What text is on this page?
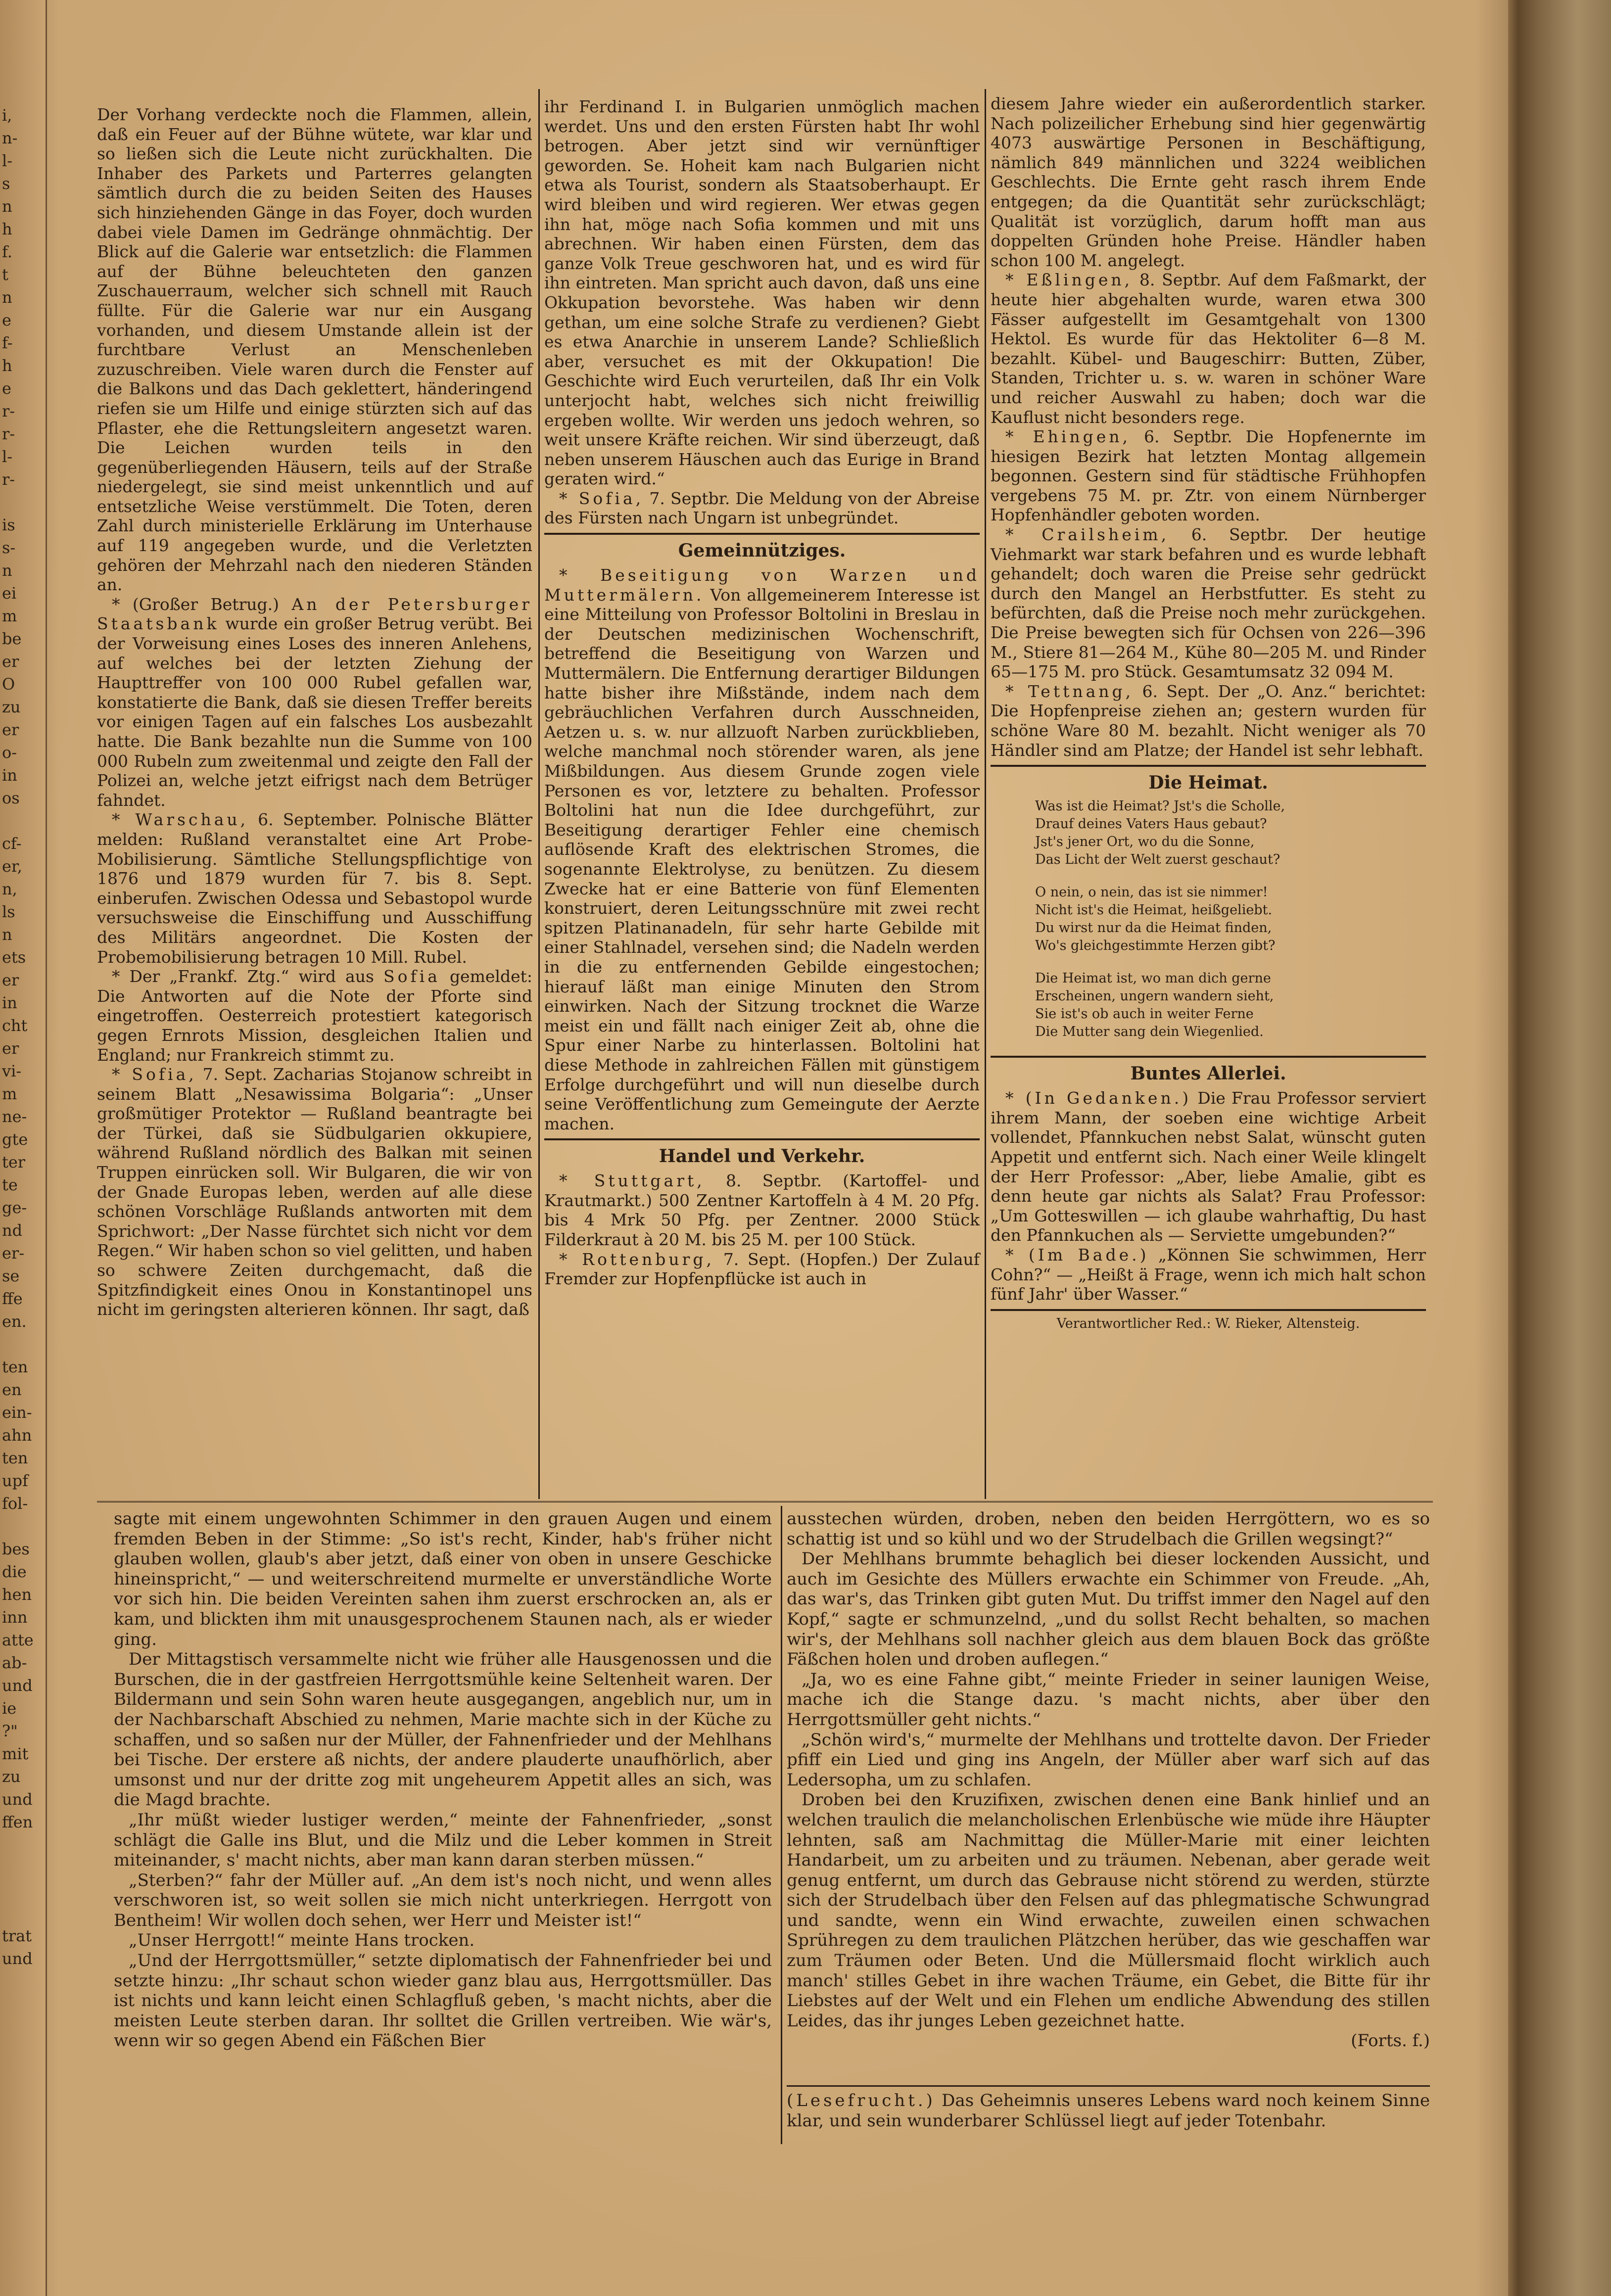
i,
n-
l-
s
n
h
f.
t
n
e
f-
h
e
r-
r-
l-
r-

is
s-
n
ei
m
be
er
O
zu
er
o-
in
os

cf-
er,
n,
ls
n
ets
er
in
cht
er
vi-
m
ne-
gte
ter
te
ge-
nd
er-
se
ffe
en.

ten
en
ein-
ahn
ten
upf
fol-

bes
die
hen
inn
atte
ab-
und
ie
?"
mit
zu
und
ffen

trat
und

Der Vorhang verdeckte noch die Flammen, allein, daß ein Feuer auf der Bühne wütete, war klar und so ließen sich die Leute nicht zurückhalten. Die Inhaber des Parkets und Parterres gelangten sämtlich durch die zu beiden Seiten des Hauses sich hinziehenden Gänge in das Foyer, doch wurden dabei viele Damen im Gedränge ohnmächtig. Der Blick auf die Galerie war entsetzlich: die Flammen auf der Bühne beleuchteten den ganzen Zuschauerraum, welcher sich schnell mit Rauch füllte. Für die Galerie war nur ein Ausgang vorhanden, und diesem Umstande allein ist der furchtbare Verlust an Menschenleben zuzuschreiben. Viele waren durch die Fenster auf die Balkons und das Dach geklettert, händeringend riefen sie um Hilfe und einige stürzten sich auf das Pflaster, ehe die Rettungsleitern angesetzt waren. Die Leichen wurden teils in den gegenüberliegenden Häusern, teils auf der Straße niedergelegt, sie sind meist unkenntlich und auf entsetzliche Weise verstümmelt. Die Toten, deren Zahl durch ministerielle Erklärung im Unterhause auf 119 angegeben wurde, und die Verletzten gehören der Mehrzahl nach den niederen Ständen an.

* (Großer Betrug.) An der Petersburger Staatsbank wurde ein großer Betrug verübt. Bei der Vorweisung eines Loses des inneren Anlehens, auf welches bei der letzten Ziehung der Haupttreffer von 100 000 Rubel gefallen war, konstatierte die Bank, daß sie diesen Treffer bereits vor einigen Tagen auf ein falsches Los ausbezahlt hatte. Die Bank bezahlte nun die Summe von 100 000 Rubeln zum zweitenmal und zeigte den Fall der Polizei an, welche jetzt eifrigst nach dem Betrüger fahndet.

* Warschau, 6. September. Polnische Blätter melden: Rußland veranstaltet eine Art Probe-Mobilisierung. Sämtliche Stellungspflichtige von 1876 und 1879 wurden für 7. bis 8. Sept. einberufen. Zwischen Odessa und Sebastopol wurde versuchsweise die Einschiffung und Ausschiffung des Militärs angeordnet. Die Kosten der Probemobilisierung betragen 10 Mill. Rubel.

* Der „Frankf. Ztg.“ wird aus Sofia gemeldet: Die Antworten auf die Note der Pforte sind eingetroffen. Oesterreich protestiert kategorisch gegen Ernrots Mission, desgleichen Italien und England; nur Frankreich stimmt zu.

* Sofia, 7. Sept. Zacharias Stojanow schreibt in seinem Blatt „Nesawissima Bolgaria“: „Unser großmütiger Protektor — Rußland beantragte bei der Türkei, daß sie Südbulgarien okkupiere, während Rußland nördlich des Balkan mit seinen Truppen einrücken soll. Wir Bulgaren, die wir von der Gnade Europas leben, werden auf alle diese schönen Vorschläge Rußlands antworten mit dem Sprichwort: „Der Nasse fürchtet sich nicht vor dem Regen.“ Wir haben schon so viel gelitten, und haben so schwere Zeiten durchgemacht, daß die Spitzfindigkeit eines Onou in Konstantinopel uns nicht im geringsten alterieren können. Ihr sagt, daß

ihr Ferdinand I. in Bulgarien unmöglich machen werdet. Uns und den ersten Fürsten habt Ihr wohl betrogen. Aber jetzt sind wir vernünftiger geworden. Se. Hoheit kam nach Bulgarien nicht etwa als Tourist, sondern als Staatsoberhaupt. Er wird bleiben und wird regieren. Wer etwas gegen ihn hat, möge nach Sofia kommen und mit uns abrechnen. Wir haben einen Fürsten, dem das ganze Volk Treue geschworen hat, und es wird für ihn eintreten. Man spricht auch davon, daß uns eine Okkupation bevorstehe. Was haben wir denn gethan, um eine solche Strafe zu verdienen? Giebt es etwa Anarchie in unserem Lande? Schließlich aber, versuchet es mit der Okkupation! Die Geschichte wird Euch verurteilen, daß Ihr ein Volk unterjocht habt, welches sich nicht freiwillig ergeben wollte. Wir werden uns jedoch wehren, so weit unsere Kräfte reichen. Wir sind überzeugt, daß neben unserem Häuschen auch das Eurige in Brand geraten wird.“

* Sofia, 7. Septbr. Die Meldung von der Abreise des Fürsten nach Ungarn ist unbegründet.

Gemeinnütziges.

* Beseitigung von Warzen und Muttermälern. Von allgemeinerem Interesse ist eine Mitteilung von Professor Boltolini in Breslau in der Deutschen medizinischen Wochenschrift, betreffend die Beseitigung von Warzen und Muttermälern. Die Entfernung derartiger Bildungen hatte bisher ihre Mißstände, indem nach dem gebräuchlichen Verfahren durch Ausschneiden, Aetzen u. s. w. nur allzuoft Narben zurückblieben, welche manchmal noch störender waren, als jene Mißbildungen. Aus diesem Grunde zogen viele Personen es vor, letztere zu behalten. Professor Boltolini hat nun die Idee durchgeführt, zur Beseitigung derartiger Fehler eine chemisch auflösende Kraft des elektrischen Stromes, die sogenannte Elektrolyse, zu benützen. Zu diesem Zwecke hat er eine Batterie von fünf Elementen konstruiert, deren Leitungsschnüre mit zwei recht spitzen Platinanadeln, für sehr harte Gebilde mit einer Stahlnadel, versehen sind; die Nadeln werden in die zu entfernenden Gebilde eingestochen; hierauf läßt man einige Minuten den Strom einwirken. Nach der Sitzung trocknet die Warze meist ein und fällt nach einiger Zeit ab, ohne die Spur einer Narbe zu hinterlassen. Boltolini hat diese Methode in zahlreichen Fällen mit günstigem Erfolge durchgeführt und will nun dieselbe durch seine Veröffentlichung zum Gemeingute der Aerzte machen.

Handel und Verkehr.

* Stuttgart, 8. Septbr. (Kartoffel- und Krautmarkt.) 500 Zentner Kartoffeln à 4 M. 20 Pfg. bis 4 Mrk 50 Pfg. per Zentner. 2000 Stück Filderkraut à 20 M. bis 25 M. per 100 Stück.

* Rottenburg, 7. Sept. (Hopfen.) Der Zulauf Fremder zur Hopfenpflücke ist auch in

diesem Jahre wieder ein außerordentlich starker. Nach polizeilicher Erhebung sind hier gegenwärtig 4073 auswärtige Personen in Beschäftigung, nämlich 849 männlichen und 3224 weiblichen Geschlechts. Die Ernte geht rasch ihrem Ende entgegen; da die Quantität sehr zurückschlägt; Qualität ist vorzüglich, darum hofft man aus doppelten Gründen hohe Preise. Händler haben schon 100 M. angelegt.

* Eßlingen, 8. Septbr. Auf dem Faßmarkt, der heute hier abgehalten wurde, waren etwa 300 Fässer aufgestellt im Gesamtgehalt von 1300 Hektol. Es wurde für das Hektoliter 6—8 M. bezahlt. Kübel- und Baugeschirr: Butten, Züber, Standen, Trichter u. s. w. waren in schöner Ware und reicher Auswahl zu haben; doch war die Kauflust nicht besonders rege.

* Ehingen, 6. Septbr. Die Hopfenernte im hiesigen Bezirk hat letzten Montag allgemein begonnen. Gestern sind für städtische Frühhopfen vergebens 75 M. pr. Ztr. von einem Nürnberger Hopfenhändler geboten worden.

* Crailsheim, 6. Septbr. Der heutige Viehmarkt war stark befahren und es wurde lebhaft gehandelt; doch waren die Preise sehr gedrückt durch den Mangel an Herbstfutter. Es steht zu befürchten, daß die Preise noch mehr zurückgehen. Die Preise bewegten sich für Ochsen von 226—396 M., Stiere 81—264 M., Kühe 80—205 M. und Rinder 65—175 M. pro Stück. Gesamtumsatz 32 094 M.

* Tettnang, 6. Sept. Der „O. Anz.“ berichtet: Die Hopfenpreise ziehen an; gestern wurden für schöne Ware 80 M. bezahlt. Nicht weniger als 70 Händler sind am Platze; der Handel ist sehr lebhaft.

Die Heimat.
Was ist die Heimat? Jst's die Scholle,
Drauf deines Vaters Haus gebaut?
Jst's jener Ort, wo du die Sonne,
Das Licht der Welt zuerst geschaut?
O nein, o nein, das ist sie nimmer!
Nicht ist's die Heimat, heißgeliebt.
Du wirst nur da die Heimat finden,
Wo's gleichgestimmte Herzen gibt?
Die Heimat ist, wo man dich gerne
Erscheinen, ungern wandern sieht,
Sie ist's ob auch in weiter Ferne
Die Mutter sang dein Wiegenlied.
Buntes Allerlei.

* (In Gedanken.) Die Frau Professor serviert ihrem Mann, der soeben eine wichtige Arbeit vollendet, Pfannkuchen nebst Salat, wünscht guten Appetit und entfernt sich. Nach einer Weile klingelt der Herr Professor: „Aber, liebe Amalie, gibt es denn heute gar nichts als Salat? Frau Professor: „Um Gotteswillen — ich glaube wahrhaftig, Du hast den Pfannkuchen als — Serviette umgebunden?“

* (Im Bade.) „Können Sie schwimmen, Herr Cohn?“ — „Heißt ä Frage, wenn ich mich halt schon fünf Jahr' über Wasser.“

Verantwortlicher Red.: W. Rieker, Altensteig.

sagte mit einem ungewohnten Schimmer in den grauen Augen und einem fremden Beben in der Stimme: „So ist's recht, Kinder, hab's früher nicht glauben wollen, glaub's aber jetzt, daß einer von oben in unsere Geschicke hineinspricht,“ — und weiterschreitend murmelte er unverständliche Worte vor sich hin. Die beiden Vereinten sahen ihm zuerst erschrocken an, als er kam, und blickten ihm mit unausgesprochenem Staunen nach, als er wieder ging.

Der Mittagstisch versammelte nicht wie früher alle Hausgenossen und die Burschen, die in der gastfreien Herrgottsmühle keine Seltenheit waren. Der Bildermann und sein Sohn waren heute ausgegangen, angeblich nur, um in der Nachbarschaft Abschied zu nehmen, Marie machte sich in der Küche zu schaffen, und so saßen nur der Müller, der Fahnenfrieder und der Mehlhans bei Tische. Der erstere aß nichts, der andere plauderte unaufhörlich, aber umsonst und nur der dritte zog mit ungeheurem Appetit alles an sich, was die Magd brachte.

„Ihr müßt wieder lustiger werden,“ meinte der Fahnenfrieder, „sonst schlägt die Galle ins Blut, und die Milz und die Leber kommen in Streit miteinander, s' macht nichts, aber man kann daran sterben müssen.“

„Sterben?“ fahr der Müller auf. „An dem ist's noch nicht, und wenn alles verschworen ist, so weit sollen sie mich nicht unterkriegen. Herrgott von Bentheim! Wir wollen doch sehen, wer Herr und Meister ist!“

„Unser Herrgott!“ meinte Hans trocken.

„Und der Herrgottsmüller,“ setzte diplomatisch der Fahnenfrieder bei und setzte hinzu: „Ihr schaut schon wieder ganz blau aus, Herrgottsmüller. Das ist nichts und kann leicht einen Schlagfluß geben, 's macht nichts, aber die meisten Leute sterben daran. Ihr solltet die Grillen vertreiben. Wie wär's, wenn wir so gegen Abend ein Fäßchen Bier

ausstechen würden, droben, neben den beiden Herrgöttern, wo es so schattig ist und so kühl und wo der Strudelbach die Grillen wegsingt?“

Der Mehlhans brummte behaglich bei dieser lockenden Aussicht, und auch im Gesichte des Müllers erwachte ein Schimmer von Freude. „Ah, das war's, das Trinken gibt guten Mut. Du triffst immer den Nagel auf den Kopf,“ sagte er schmunzelnd, „und du sollst Recht behalten, so machen wir's, der Mehlhans soll nachher gleich aus dem blauen Bock das größte Fäßchen holen und droben auflegen.“

„Ja, wo es eine Fahne gibt,“ meinte Frieder in seiner launigen Weise, mache ich die Stange dazu. 's macht nichts, aber über den Herrgottsmüller geht nichts.“

„Schön wird's,“ murmelte der Mehlhans und trottelte davon. Der Frieder pfiff ein Lied und ging ins Angeln, der Müller aber warf sich auf das Ledersopha, um zu schlafen.

Droben bei den Kruzifixen, zwischen denen eine Bank hinlief und an welchen traulich die melancholischen Erlenbüsche wie müde ihre Häupter lehnten, saß am Nachmittag die Müller-Marie mit einer leichten Handarbeit, um zu arbeiten und zu träumen. Nebenan, aber gerade weit genug entfernt, um durch das Gebrause nicht störend zu werden, stürzte sich der Strudelbach über den Felsen auf das phlegmatische Schwungrad und sandte, wenn ein Wind erwachte, zuweilen einen schwachen Sprühregen zu dem traulichen Plätzchen herüber, das wie geschaffen war zum Träumen oder Beten. Und die Müllersmaid flocht wirklich auch manch' stilles Gebet in ihre wachen Träume, ein Gebet, die Bitte für ihr Liebstes auf der Welt und ein Flehen um endliche Abwendung des stillen Leides, das ihr junges Leben gezeichnet hatte.

(Forts. f.)

(Lesefrucht.) Das Geheimnis unseres Lebens ward noch keinem Sinne klar, und sein wunderbarer Schlüssel liegt auf jeder Totenbahr.
